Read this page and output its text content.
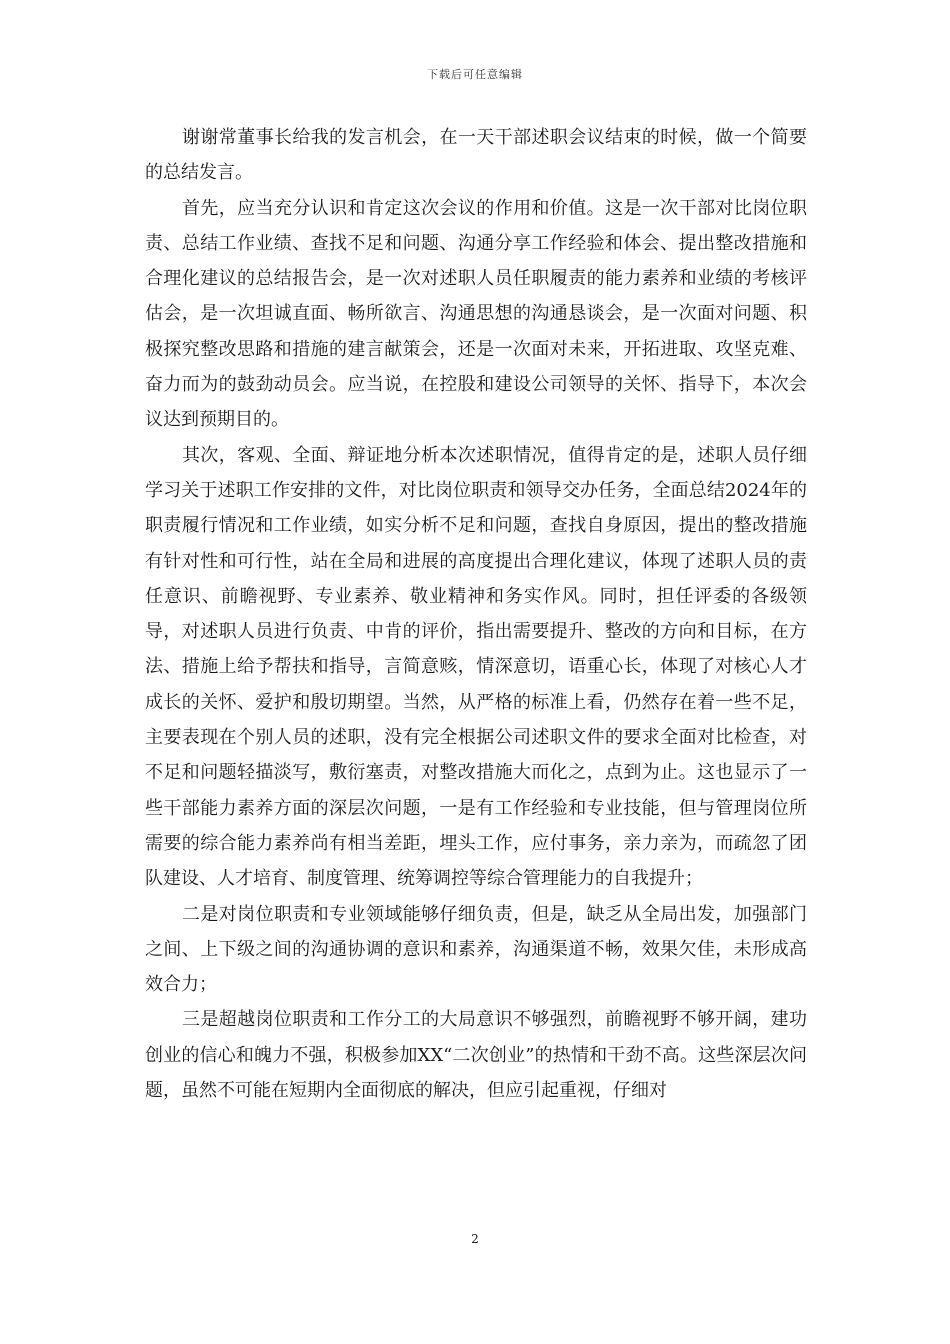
下载后可任意编辑

谢谢常董事长给我的发言机会，在一天干部述职会议结束的时候，做一个简要的总结发言。

首先，应当充分认识和肯定这次会议的作用和价值。这是一次干部对比岗位职责、总结工作业绩、查找不足和问题、沟通分享工作经验和体会、提出整改措施和合理化建议的总结报告会，是一次对述职人员任职履责的能力素养和业绩的考核评估会，是一次坦诚直面、畅所欲言、沟通思想的沟通恳谈会，是一次面对问题、积极探究整改思路和措施的建言献策会，还是一次面对未来，开拓进取、攻坚克难、奋力而为的鼓劲动员会。应当说，在控股和建设公司领导的关怀、指导下，本次会议达到预期目的。

其次，客观、全面、辩证地分析本次述职情况，值得肯定的是，述职人员仔细学习关于述职工作安排的文件，对比岗位职责和领导交办任务，全面总结2024年的职责履行情况和工作业绩，如实分析不足和问题，查找自身原因，提出的整改措施有针对性和可行性，站在全局和进展的高度提出合理化建议，体现了述职人员的责任意识、前瞻视野、专业素养、敬业精神和务实作风。同时，担任评委的各级领导，对述职人员进行负责、中肯的评价，指出需要提升、整改的方向和目标，在方法、措施上给予帮扶和指导，言简意赅，情深意切，语重心长，体现了对核心人才成长的关怀、爱护和殷切期望。当然，从严格的标准上看，仍然存在着一些不足，主要表现在个别人员的述职，没有完全根据公司述职文件的要求全面对比检查，对不足和问题轻描淡写，敷衍塞责，对整改措施大而化之，点到为止。这也显示了一些干部能力素养方面的深层次问题，一是有工作经验和专业技能，但与管理岗位所需要的综合能力素养尚有相当差距，埋头工作，应付事务，亲力亲为，而疏忽了团队建设、人才培育、制度管理、统筹调控等综合管理能力的自我提升；

二是对岗位职责和专业领域能够仔细负责，但是，缺乏从全局出发，加强部门之间、上下级之间的沟通协调的意识和素养，沟通渠道不畅，效果欠佳，未形成高效合力；

三是超越岗位职责和工作分工的大局意识不够强烈，前瞻视野不够开阔，建功创业的信心和魄力不强，积极参加XX“二次创业”的热情和干劲不高。这些深层次问题，虽然不可能在短期内全面彻底的解决，但应引起重视，仔细对

2
